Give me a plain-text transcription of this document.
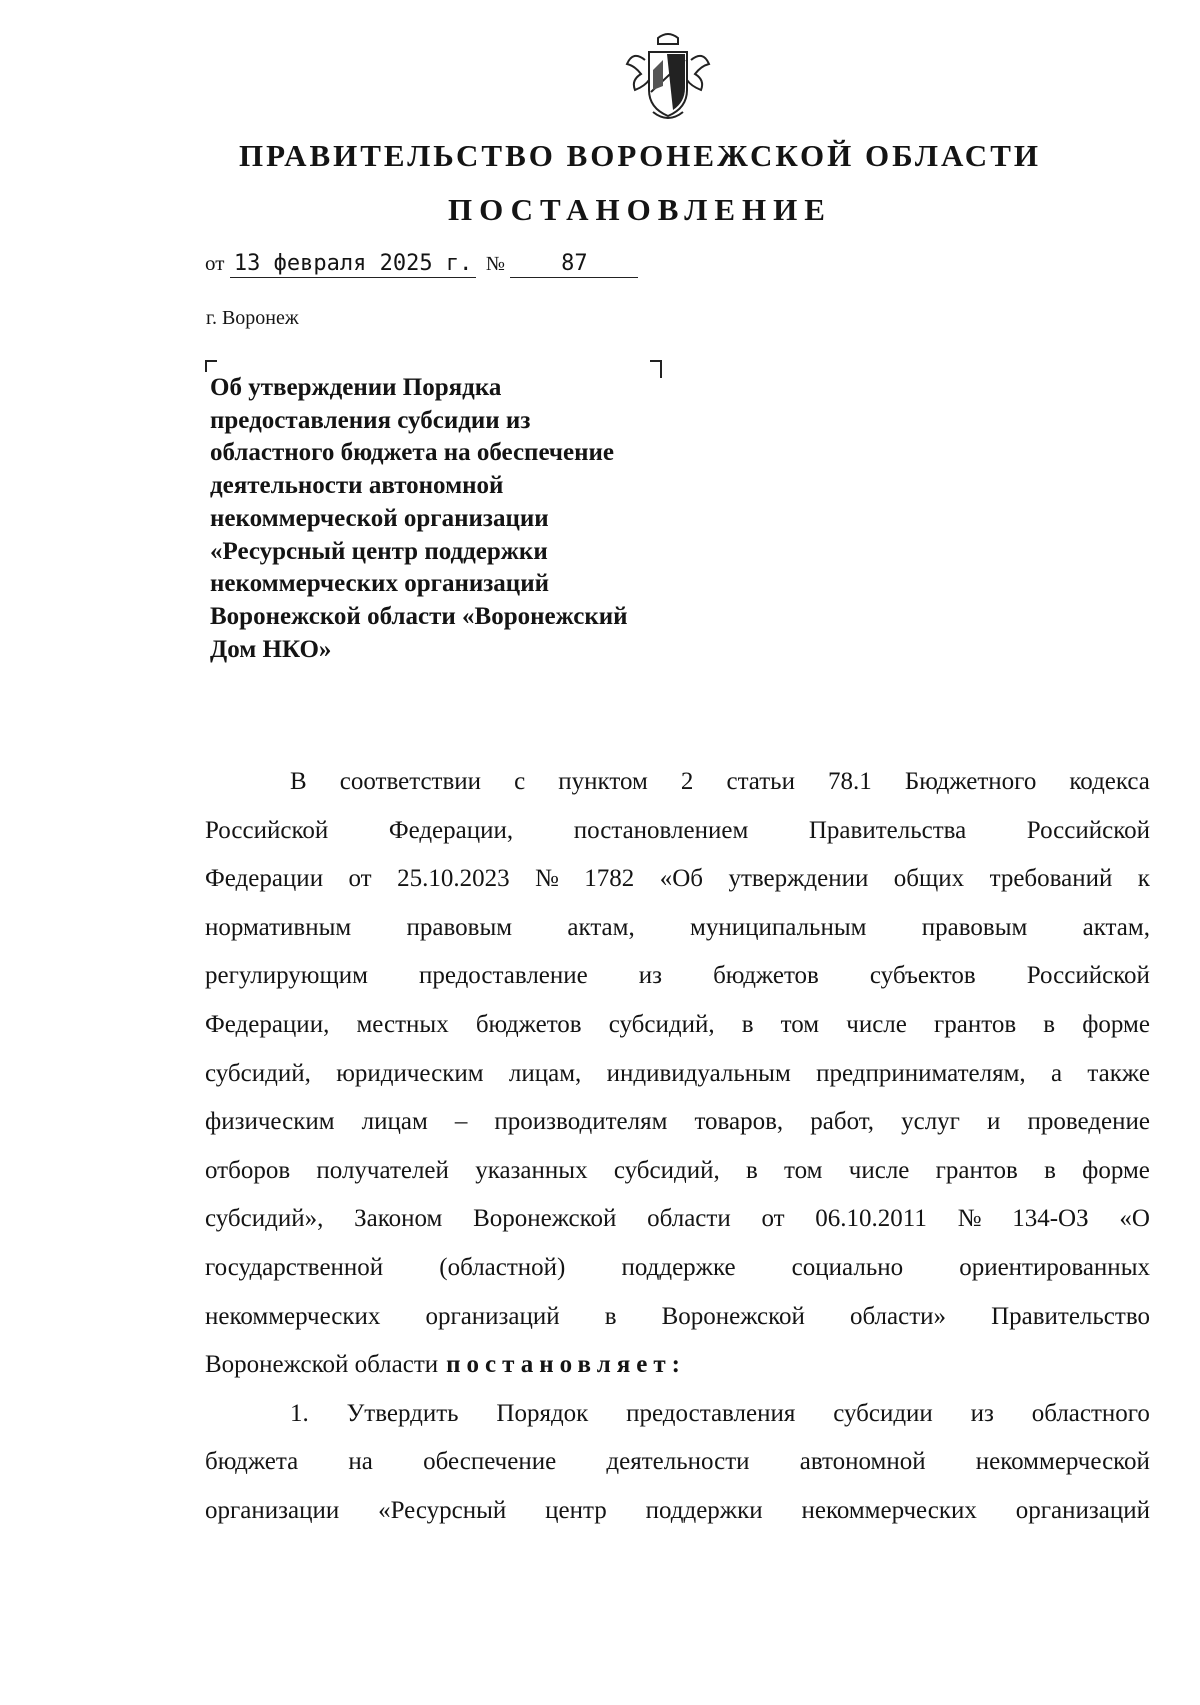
ПРАВИТЕЛЬСТВО ВОРОНЕЖСКОЙ ОБЛАСТИ
ПОСТАНОВЛЕНИЕ
от 13 февраля 2025 г. №	87
г. Воронеж
Об утверждении Порядка
предоставления субсидии из
областного бюджета на обеспечение
деятельности автономной
некоммерческой организации
«Ресурсный центр поддержки
некоммерческих организаций
Воронежской области «Воронежский
Дом НКО»
В соответствии с пунктом 2 статьи 78.1 Бюджетного кодекса
Российской Федерации, постановлением Правительства Российской
Федерации от 25.10.2023 № 1782 «Об утверждении общих требований к
нормативным правовым актам, муниципальным правовым актам,
регулирующим предоставление из бюджетов субъектов Российской
Федерации, местных бюджетов субсидий, в том числе грантов в форме
субсидий, юридическим лицам, индивидуальным предпринимателям, а также
физическим лицам – производителям товаров, работ, услуг и проведение
отборов получателей указанных субсидий, в том числе грантов в форме
субсидий», Законом Воронежской области от 06.10.2011 № 134-ОЗ «О
государственной (областной) поддержке социально ориентированных
некоммерческих организаций в Воронежской области» Правительство
Воронежской области постановляет:
1. Утвердить Порядок предоставления субсидии из областного
бюджета на обеспечение деятельности автономной некоммерческой
организации «Ресурсный центр поддержки некоммерческих организаций
